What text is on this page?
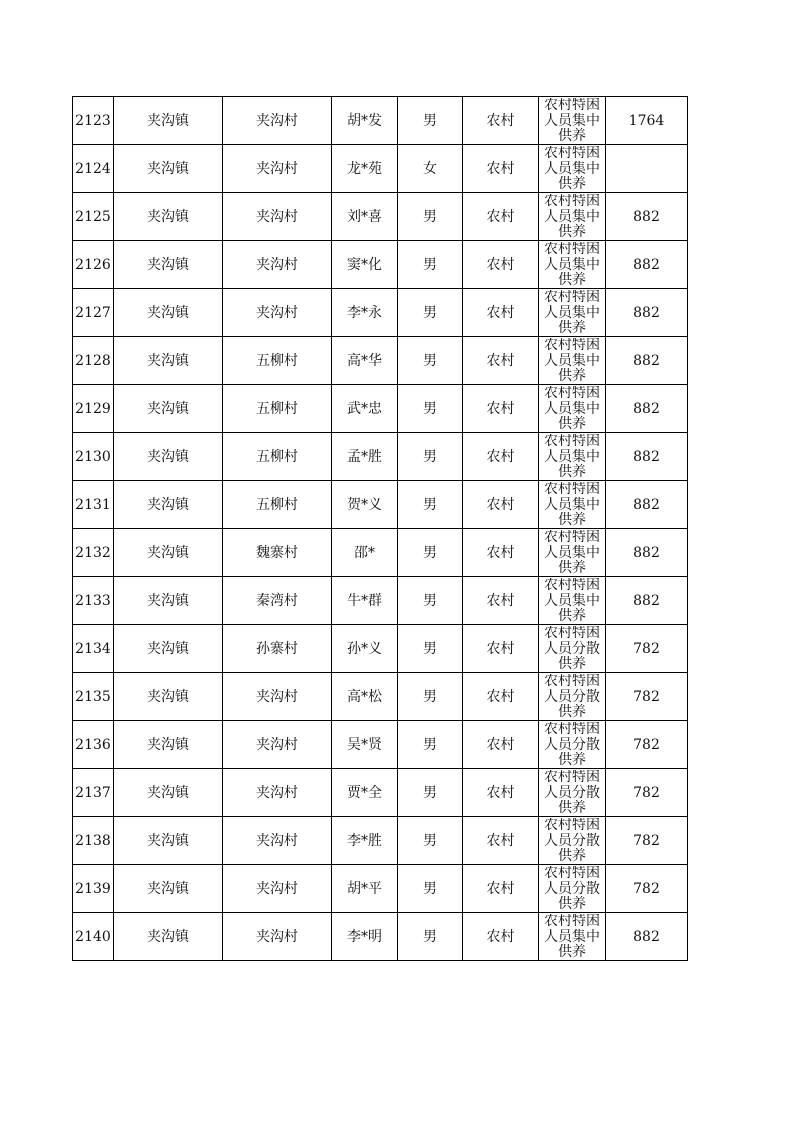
2123	夹沟镇	夹沟村	胡*发	男	农村	农村特困人员集中供养	1764
2124	夹沟镇	夹沟村	龙*苑	女	农村	农村特困人员集中供养	

2125	夹沟镇	夹沟村	刘*喜	男	农村	农村特困人员集中供养	882
2126	夹沟镇	夹沟村	窦*化	男	农村	农村特困人员集中供养	882
2127	夹沟镇	夹沟村	李*永	男	农村	农村特困人员集中供养	882
2128	夹沟镇	五柳村	高*华	男	农村	农村特困人员集中供养	882
2129	夹沟镇	五柳村	武*忠	男	农村	农村特困人员集中供养	882
2130	夹沟镇	五柳村	孟*胜	男	农村	农村特困人员集中供养	882
2131	夹沟镇	五柳村	贺*义	男	农村	农村特困人员集中供养	882
2132	夹沟镇	魏寨村	邵*	男	农村	农村特困人员集中供养	882
2133	夹沟镇	秦湾村	牛*群	男	农村	农村特困人员集中供养	882
2134	夹沟镇	孙寨村	孙*义	男	农村	农村特困人员分散供养	782
2135	夹沟镇	夹沟村	高*松	男	农村	农村特困人员分散供养	782
2136	夹沟镇	夹沟村	吴*贤	男	农村	农村特困人员分散供养	782
2137	夹沟镇	夹沟村	贾*全	男	农村	农村特困人员分散供养	782
2138	夹沟镇	夹沟村	李*胜	男	农村	农村特困人员分散供养	782
2139	夹沟镇	夹沟村	胡*平	男	农村	农村特困人员分散供养	782
2140	夹沟镇	夹沟村	李*明	男	农村	农村特困人员集中供养	882
